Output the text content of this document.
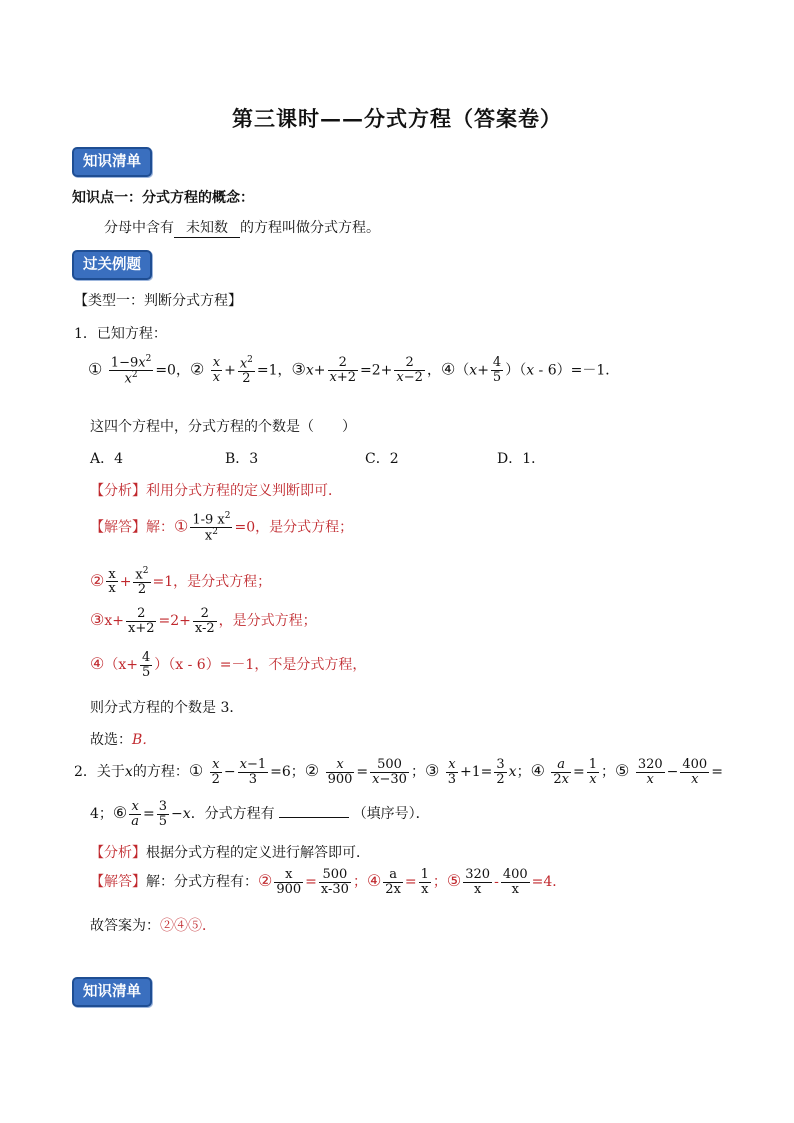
第三课时——分式方程（答案卷）
知识清单
知识点一：分式方程的概念：
分母中含有 未知数 的方程叫做分式方程。
过关例题
【类型一：判断分式方程】
1．已知方程：
① $\frac{1-9x^2}{x^2} =0$，② $\frac{x}{x} + \frac{x^2}{2} =1$，③x+ $\frac{2}{x+2} =2+ \frac{2}{x-2}$ ，④（x+ $\frac{4}{5} )(x - 6)=-1$．
这四个方程中，分式方程的个数是（　　）
A．4	B．3	C．2	D．1．
【分析】利用分式方程的定义判断即可．
【解答】解：① $\frac{1-9 x^2}{x^2} =0$，是分式方程；
② $\frac{x}{x} + \frac{x^2}{2} =1$，是分式方程；
③x+ $\frac{2}{x+2} =2+ \frac{2}{x-2}$ ，是分式方程；
④（x+ $\frac{4}{5} )(x - 6)=-1$，不是分式方程，
则分式方程的个数是 3．
故选：B．
2．关于x的方程：① $\frac{x}{2} - \frac{x-1}{3} =6$；② $\frac{x}{900} = \frac{500}{x-30}$ ；③ $\frac{x}{3} +1= \frac{3}{2}$ x；④ $\frac{a}{2x} = \frac{1}{x}$ ；⑤ $\frac{320}{x} - \frac{400}{x}$ =
4；⑥ $\frac{x}{a} = \frac{3}{5} -x$．分式方程有	（填序号）．
【分析】根据分式方程的定义进行解答即可．
【解答】解：分式方程有：② $\frac{x}{900} = \frac{500}{x-30}$ ；④ $\frac{a}{2x} = \frac{1}{x}$ ；⑤ $\frac{320}{x} - \frac{400}{x} =4$．
故答案为：②④⑤．
知识清单
